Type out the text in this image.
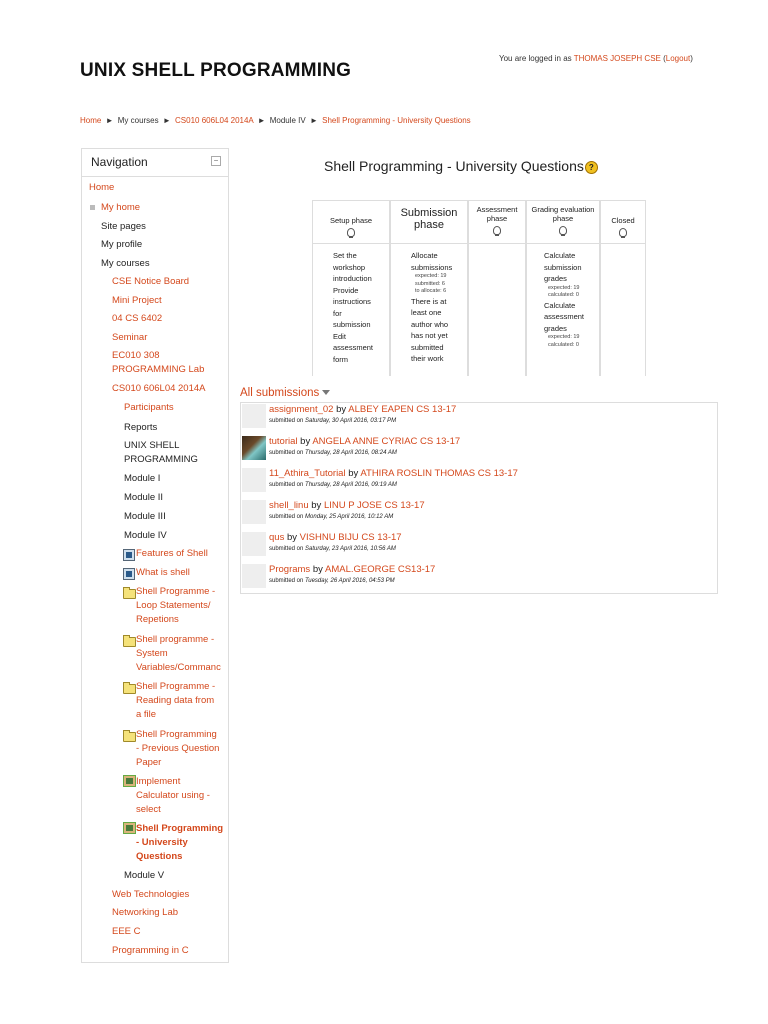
You are logged in as THOMAS JOSEPH CSE (Logout)
UNIX SHELL PROGRAMMING
Home ► My courses ► CS010 606L04 2014A ► Module IV ► Shell Programming - University Questions
Navigation	−
Home
My home
Site pages
My profile
My courses
CSE Notice Board
Mini Project
04 CS 6402
Seminar
EC010 308
PROGRAMMING Lab
CS010 606L04 2014A
Participants
Reports
UNIX SHELL
PROGRAMMING
Module I
Module II
Module III
Module IV
Features of Shell
What is shell
Shell Programme -
Loop Statements/
Repetions
Shell programme -
System
Variables/Commanc
Shell Programme -
Reading data from
a file
Shell Programming
- Previous Question
Paper
Implement
Calculator using -
select
Shell Programming
- University
Questions
Module V
Web Technologies
Networking Lab
EEE C
Programming in C
Shell Programming - University Questions ?
Setup phase
Set the
workshop
introduction
Provide
instructions
for
submission
Edit
assessment
form
Submission
phase
Allocate
submissions
expected: 19
submitted: 6
to allocate: 6
There is at
least one
author who
has not yet
submitted
their work
Assessment
phase
Grading evaluation
phase
Calculate
submission
grades
expected: 19
calculated: 0
Calculate
assessment
grades
expected: 19
calculated: 0
Closed
All submissions
assignment_02 by ALBEY EAPEN CS 13-17
submitted on Saturday, 30 April 2016, 03:17 PM
tutorial by ANGELA ANNE CYRIAC CS 13-17
submitted on Thursday, 28 April 2016, 08:24 AM
11_Athira_Tutorial by ATHIRA ROSLIN THOMAS CS 13-17
submitted on Thursday, 28 April 2016, 09:19 AM
shell_linu by LINU P JOSE CS 13-17
submitted on Monday, 25 April 2016, 10:12 AM
qus by VISHNU BIJU CS 13-17
submitted on Saturday, 23 April 2016, 10:56 AM
Programs by AMAL.GEORGE CS13-17
submitted on Tuesday, 26 April 2016, 04:53 PM
